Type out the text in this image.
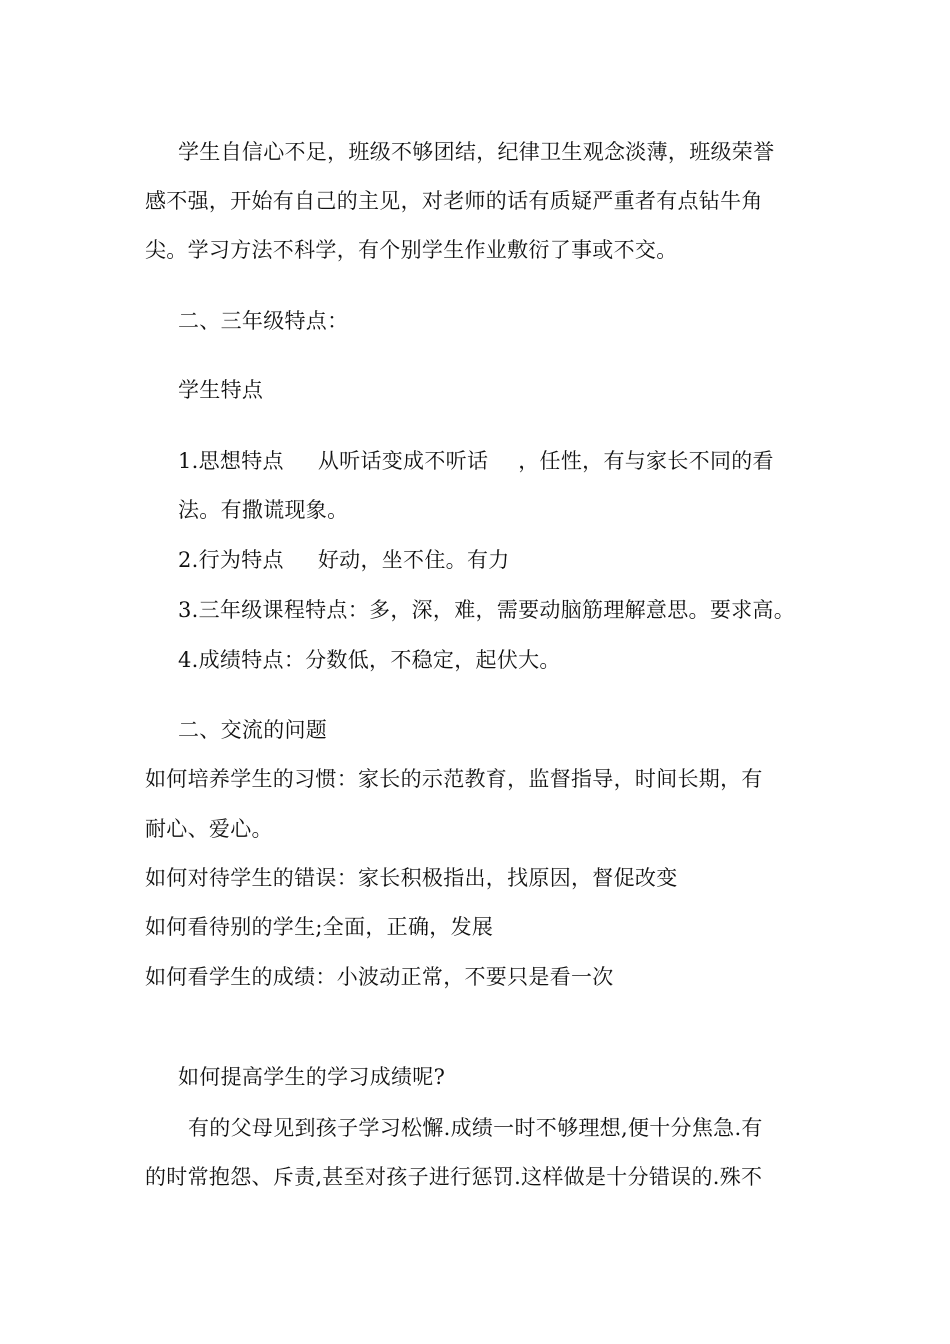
学生自信心不足，班级不够团结，纪律卫生观念淡薄，班级荣誉
感不强，开始有自己的主见，对老师的话有质疑严重者有点钻牛角
尖。学习方法不科学，有个别学生作业敷衍了事或不交。
二、三年级特点：
学生特点
1.思想特点 从听话变成不听话 ，任性，有与家长不同的看
法。有撒谎现象。
2.行为特点 好动，坐不住。有力
3.三年级课程特点：多，深，难，需要动脑筋理解意思。要求高。
4.成绩特点：分数低，不稳定，起伏大。
二、交流的问题
如何培养学生的习惯：家长的示范教育，监督指导，时间长期，有
耐心、爱心。
如何对待学生的错误：家长积极指出，找原因，督促改变
如何看待别的学生;全面，正确，发展
如何看学生的成绩：小波动正常，不要只是看一次
如何提高学生的学习成绩呢?
有的父母见到孩子学习松懈.成绩一时不够理想,便十分焦急.有
的时常抱怨、斥责,甚至对孩子进行惩罚.这样做是十分错误的.殊不
